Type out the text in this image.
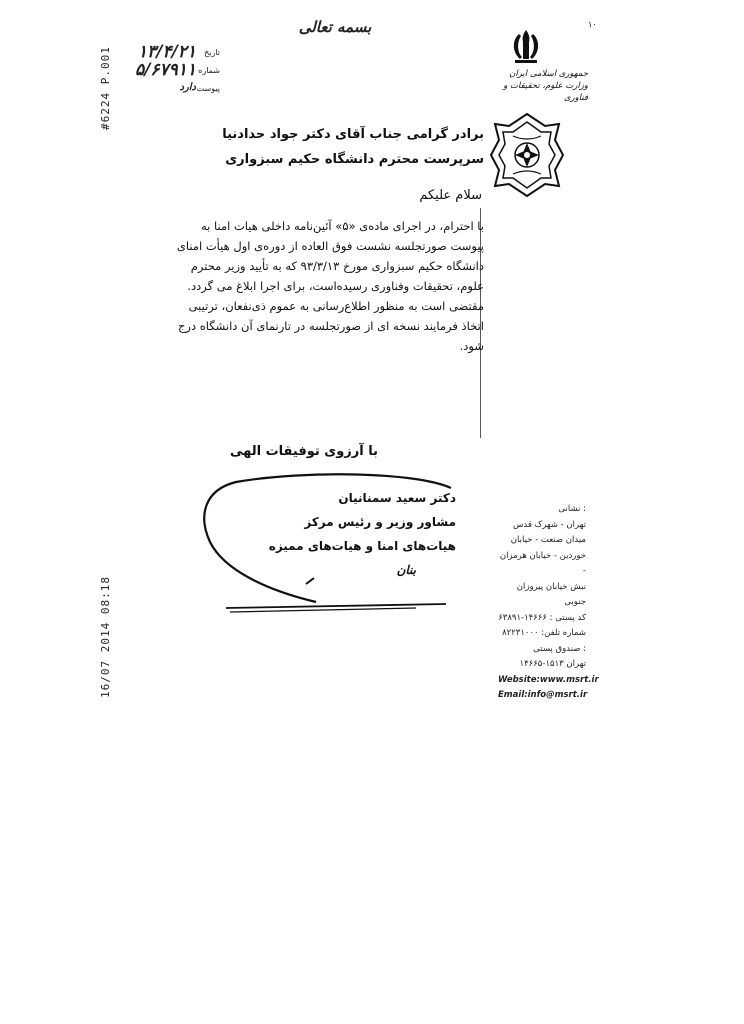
#6224 P.001
16/07 2014 08:18
۱۰
بسمه تعالی
۱۳/۴/۲۱ تاریخ
۵/۶۷۹۱۱ شماره
دارد پیوست
جمهوری اسلامی ایران
وزارت علوم، تحقیقات و فناوری
برادر گرامی جناب آقای دکتر جواد حدادنیا
سرپرست محترم دانشگاه حکیم سبزواری
سلام علیکم

با احترام، در اجرای ماده‌ی «۵» آئین‌نامه داخلی هیات امنا به پیوست صورتجلسه نشست فوق العاده از دوره‌ی اول هیأت امنای دانشگاه حکیم سبزواری مورخ ۹۳/۳/۱۳ که به تأیید وزیر محترم علوم، تحقیقات وفناوری رسیده‌است، برای اجرا ابلاغ می گردد.

مقتضی است به منظور اطلاع‌رسانی به عموم ذی‌نفعان، ترتیبی اتخاذ فرمایند نسخه ای از صورتجلسه در تارنمای آن دانشگاه درج شود.

با آرزوی توفیقات الهی
دکتر سعید سمنانیان
مشاور وزیر و رئیس مرکز
هیات‌های امنا و هیات‌های ممیزه
بنان
نشانی :
تهران - شهرک قدس
میدان صنعت - خیابان
خوردین - خیابان هرمزان -
نبش خیابان پیروزان جنوبی
کد پستی : ۱۴۶۶۶-۶۳۸۹۱
شماره تلفن: ۸۲۲۳۱۰۰۰
صندوق پستی :
تهران ۱۵۱۳-۱۴۶۶۵
Website:www.msrt.ir
Email:info@msrt.ir
